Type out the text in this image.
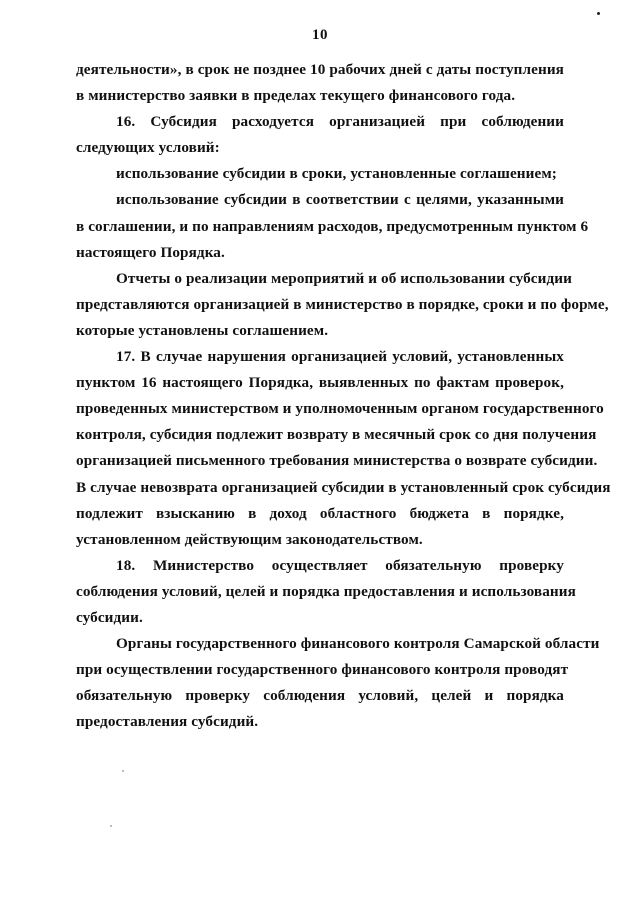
10
деятельности», в срок не позднее 10 рабочих дней с даты поступления
в министерство заявки в пределах текущего финансового года.
16. Субсидия расходуется организацией при соблюдении
следующих условий:
использование субсидии в сроки, установленные соглашением;
использование субсидии в соответствии с целями, указанными
в соглашении, и по направлениям расходов, предусмотренным пунктом 6
настоящего Порядка.
Отчеты о реализации мероприятий и об использовании субсидии
представляются организацией в министерство в порядке, сроки и по форме,
которые установлены соглашением.
17. В случае нарушения организацией условий, установленных
пунктом 16 настоящего Порядка, выявленных по фактам проверок,
проведенных министерством и уполномоченным органом государственного
контроля, субсидия подлежит возврату в месячный срок со дня получения
организацией письменного требования министерства о возврате субсидии.
В случае невозврата организацией субсидии в установленный срок субсидия
подлежит взысканию в доход областного бюджета в порядке,
установленном действующим законодательством.
18. Министерство осуществляет обязательную проверку
соблюдения условий, целей и порядка предоставления и использования
субсидии.
Органы государственного финансового контроля Самарской области
при осуществлении государственного финансового контроля проводят
обязательную проверку соблюдения условий, целей и порядка
предоставления субсидий.
